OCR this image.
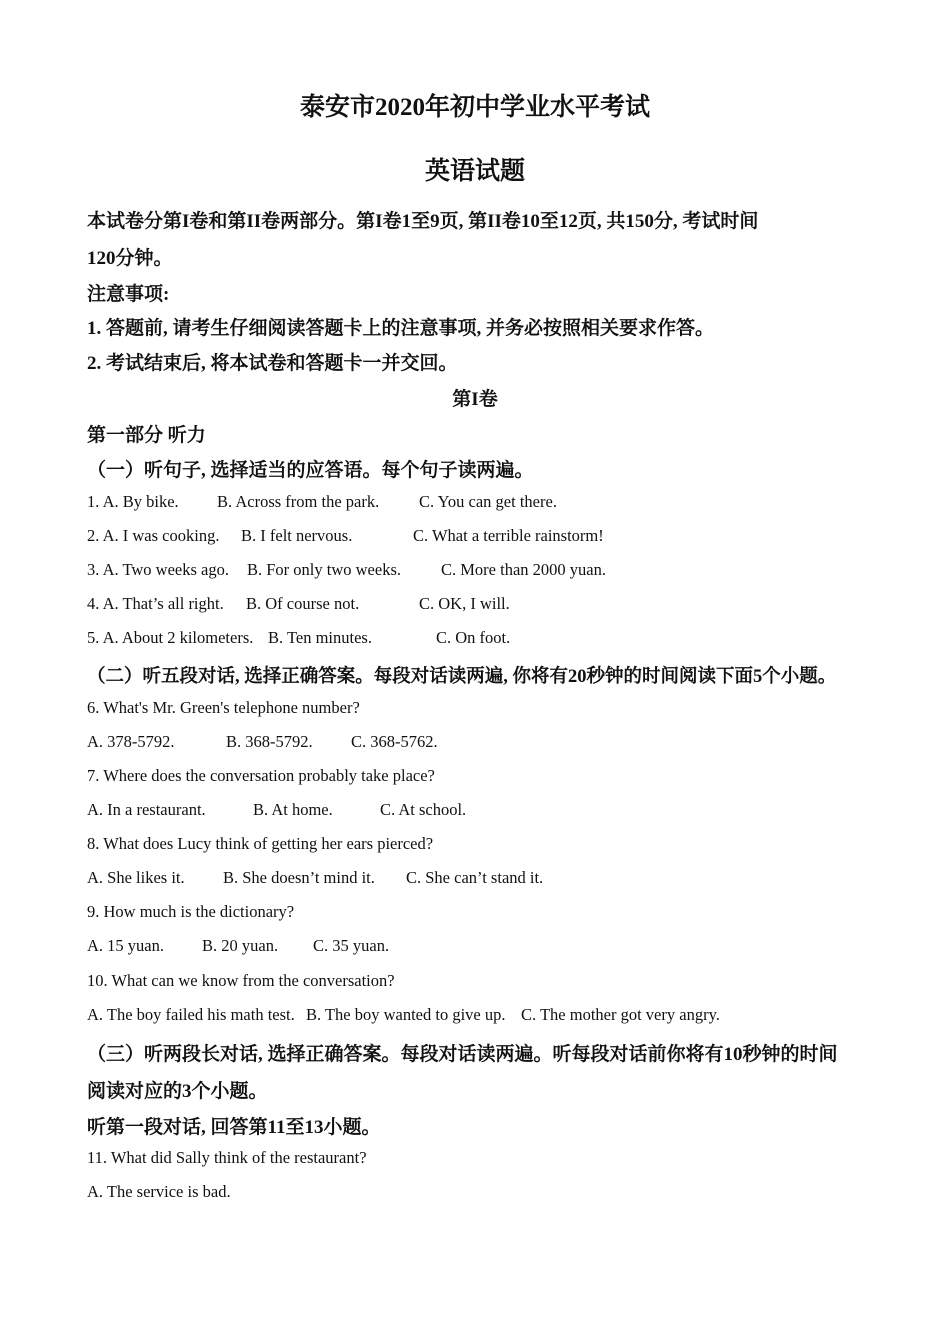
泰安市2020年初中学业水平考试
英语试题
本试卷分第I卷和第II卷两部分。第I卷1至9页, 第II卷10至12页, 共150分, 考试时间
120分钟。
注意事项:
1. 答题前, 请考生仔细阅读答题卡上的注意事项, 并务必按照相关要求作答。
2. 考试结束后, 将本试卷和答题卡一并交回。
第I卷
第一部分 听力
（一）听句子, 选择适当的应答语。每个句子读两遍。
1. A. By bike. B. Across from the park. C. You can get there.
2. A. I was cooking. B. I felt nervous.	C. What a terrible rainstorm!
3. A. Two weeks ago. B. For only two weeks. C. More than 2000 yuan.
4. A. That’s all right. B. Of course not.	C. OK, I will.
5. A. About 2 kilometers. B. Ten minutes.	C. On foot.
（二）听五段对话, 选择正确答案。每段对话读两遍, 你将有20秒钟的时间阅读下面5个小题。
6. What's Mr. Green's telephone number?
A. 378-5792.	B. 368-5792. C. 368-5762.
7. Where does the conversation probably take place?
A. In a restaurant.	B. At home.	C. At school.
8. What does Lucy think of getting her ears pierced?
A. She likes it. B. She doesn’t mind it. C. She can’t stand it.
9. How much is the dictionary?
A. 15 yuan. B. 20 yuan. C. 35 yuan.
10. What can we know from the conversation?
A. The boy failed his math test. B. The boy wanted to give up. C. The mother got very angry.
（三）听两段长对话, 选择正确答案。每段对话读两遍。听每段对话前你将有10秒钟的时间
阅读对应的3个小题。
听第一段对话, 回答第11至13小题。
11. What did Sally think of the restaurant?
A. The service is bad.
